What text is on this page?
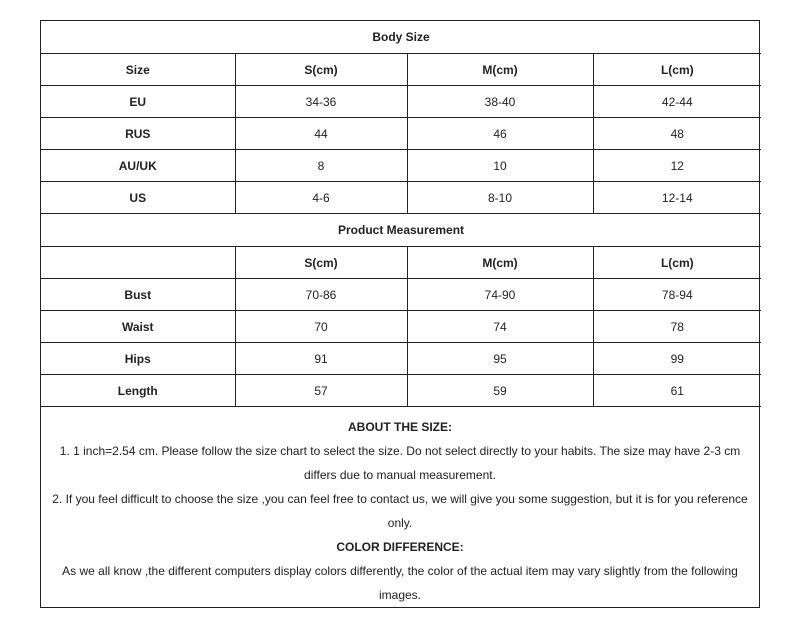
Body Size			
Size	S(cm)	M(cm)	L(cm)
EU	34-36	38-40	42-44
RUS	44	46	48
AU/UK	8	10	12
US	4-6	8-10	12-14
Product Measurement			
	S(cm)	M(cm)	L(cm)
Bust	70-86	74-90	78-94
Waist	70	74	78
Hips	91	95	99
Length	57	59	61
ABOUT THE SIZE:
1. 1 inch=2.54 cm. Please follow the size chart to select the size. Do not select directly to your habits. The size may have 2-3 cm differs due to manual measurement.
2. If you feel difficult to choose the size ,you can feel free to contact us, we will give you some suggestion, but it is for you reference only.
COLOR DIFFERENCE:
As we all know ,the different computers display colors differently, the color of the actual item may vary slightly from the following images.
